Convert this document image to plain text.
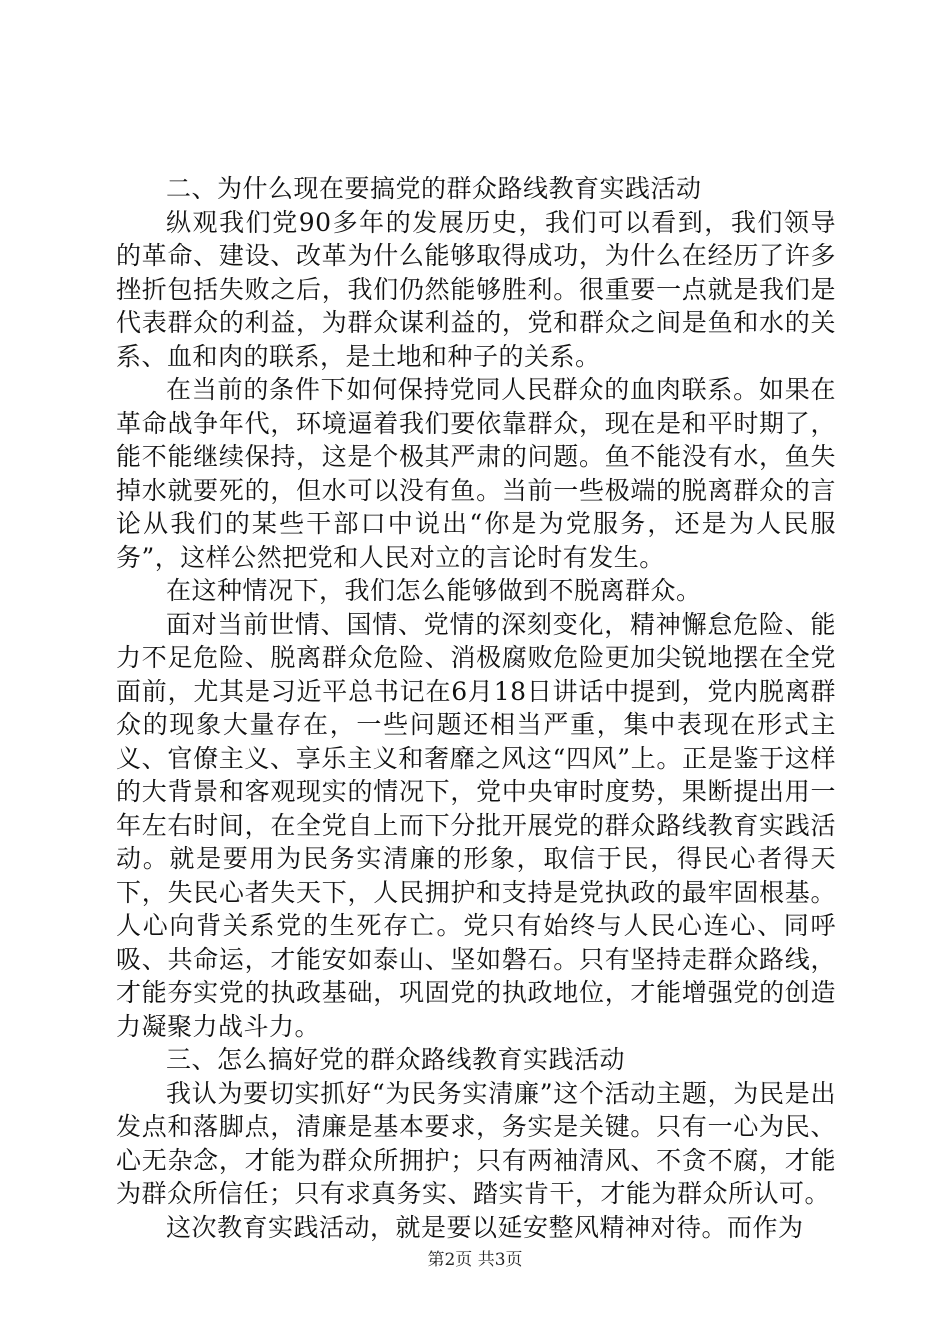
二、为什么现在要搞党的群众路线教育实践活动

纵观我们党90多年的发展历史，我们可以看到，我们领导的革命、建设、改革为什么能够取得成功，为什么在经历了许多挫折包括失败之后，我们仍然能够胜利。很重要一点就是我们是代表群众的利益，为群众谋利益的，党和群众之间是鱼和水的关系、血和肉的联系，是土地和种子的关系。

在当前的条件下如何保持党同人民群众的血肉联系。如果在革命战争年代，环境逼着我们要依靠群众，现在是和平时期了，能不能继续保持，这是个极其严肃的问题。鱼不能没有水，鱼失掉水就要死的，但水可以没有鱼。当前一些极端的脱离群众的言论从我们的某些干部口中说出“你是为党服务，还是为人民服务”，这样公然把党和人民对立的言论时有发生。

在这种情况下，我们怎么能够做到不脱离群众。

面对当前世情、国情、党情的深刻变化，精神懈怠危险、能力不足危险、脱离群众危险、消极腐败危险更加尖锐地摆在全党面前，尤其是习近平总书记在6月18日讲话中提到，党内脱离群众的现象大量存在，一些问题还相当严重，集中表现在形式主义、官僚主义、享乐主义和奢靡之风这“四风”上。正是鉴于这样的大背景和客观现实的情况下，党中央审时度势，果断提出用一年左右时间，在全党自上而下分批开展党的群众路线教育实践活动。就是要用为民务实清廉的形象，取信于民，得民心者得天下，失民心者失天下，人民拥护和支持是党执政的最牢固根基。人心向背关系党的生死存亡。党只有始终与人民心连心、同呼吸、共命运，才能安如泰山、坚如磐石。只有坚持走群众路线，才能夯实党的执政基础，巩固党的执政地位，才能增强党的创造力凝聚力战斗力。

三、怎么搞好党的群众路线教育实践活动

我认为要切实抓好“为民务实清廉”这个活动主题，为民是出发点和落脚点，清廉是基本要求，务实是关键。只有一心为民、心无杂念，才能为群众所拥护；只有两袖清风、不贪不腐，才能为群众所信任；只有求真务实、踏实肯干，才能为群众所认可。

这次教育实践活动，就是要以延安整风精神对待。而作为

第2页 共3页
